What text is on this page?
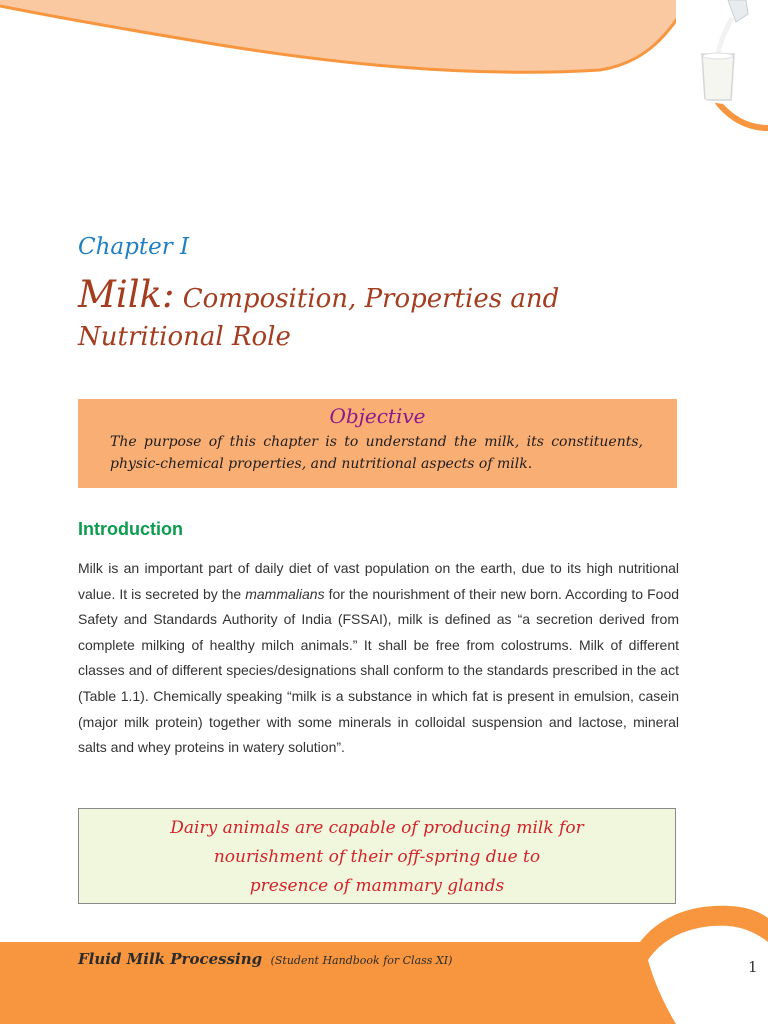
Chapter I
Milk: Composition, Properties and Nutritional Role
Objective
The purpose of this chapter is to understand the milk, its constituents, physic-chemical properties, and nutritional aspects of milk.
Introduction

Milk is an important part of daily diet of vast population on the earth, due to its high nutritional value. It is secreted by the mammalians for the nourishment of their new born. According to Food Safety and Standards Authority of India (FSSAI), milk is defined as “a secretion derived from complete milking of healthy milch animals.” It shall be free from colostrums. Milk of different classes and of different species/designations shall conform to the standards prescribed in the act (Table 1.1). Chemically speaking “milk is a substance in which fat is present in emulsion, casein (major milk protein) together with some minerals in colloidal suspension and lactose, mineral salts and whey proteins in watery solution”.

Dairy animals are capable of producing milk for
nourishment of their off-spring due to
presence of mammary glands
Fluid Milk Processing (Student Handbook for Class XI)	1
